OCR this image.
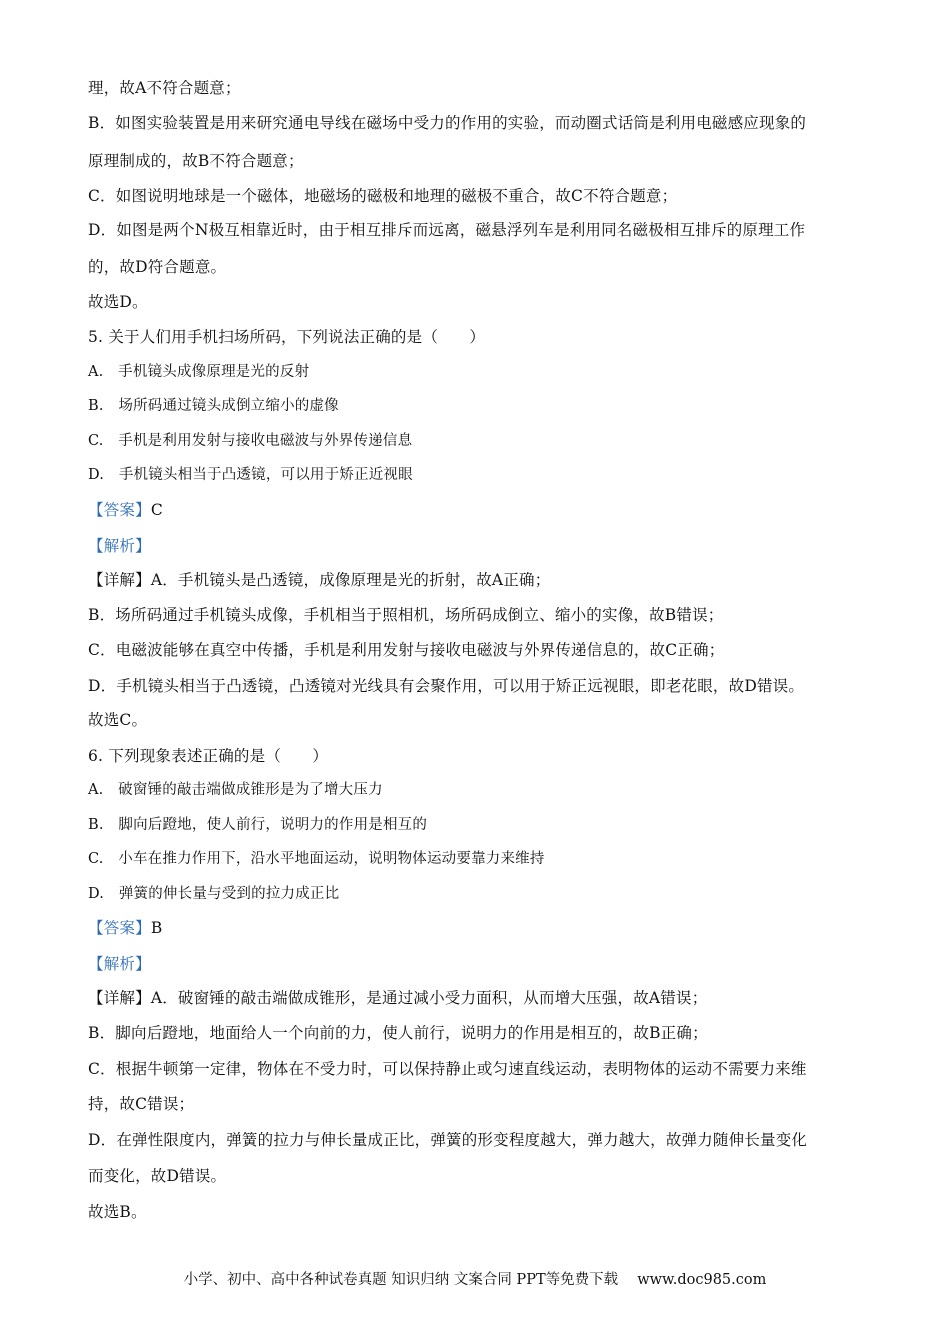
理，故A不符合题意；
B．如图实验装置是用来研究通电导线在磁场中受力的作用的实验，而动圈式话筒是利用电磁感应现象的
原理制成的，故B不符合题意；
C．如图说明地球是一个磁体，地磁场的磁极和地理的磁极不重合，故C不符合题意；
D．如图是两个N极互相靠近时，由于相互排斥而远离，磁悬浮列车是利用同名磁极相互排斥的原理工作
的，故D符合题意。
故选D。
5. 关于人们用手机扫场所码，下列说法正确的是（　　）
A.　手机镜头成像原理是光的反射
B.　场所码通过镜头成倒立缩小的虚像
C.　手机是利用发射与接收电磁波与外界传递信息
D.　手机镜头相当于凸透镜，可以用于矫正近视眼
【答案】C
【解析】
【详解】A．手机镜头是凸透镜，成像原理是光的折射，故A正确；
B．场所码通过手机镜头成像，手机相当于照相机，场所码成倒立、缩小的实像，故B错误；
C．电磁波能够在真空中传播，手机是利用发射与接收电磁波与外界传递信息的，故C正确；
D．手机镜头相当于凸透镜，凸透镜对光线具有会聚作用，可以用于矫正远视眼，即老花眼，故D错误。
故选C。
6. 下列现象表述正确的是（　　）
A.　破窗锤的敲击端做成锥形是为了增大压力
B.　脚向后蹬地，使人前行，说明力的作用是相互的
C.　小车在推力作用下，沿水平地面运动，说明物体运动要靠力来维持
D.　弹簧的伸长量与受到的拉力成正比
【答案】B
【解析】
【详解】A．破窗锤的敲击端做成锥形，是通过减小受力面积，从而增大压强，故A错误；
B．脚向后蹬地，地面给人一个向前的力，使人前行，说明力的作用是相互的，故B正确；
C．根据牛顿第一定律，物体在不受力时，可以保持静止或匀速直线运动，表明物体的运动不需要力来维
持，故C错误；
D．在弹性限度内，弹簧的拉力与伸长量成正比，弹簧的形变程度越大，弹力越大，故弹力随伸长量变化
而变化，故D错误。
故选B。
小学、初中、高中各种试卷真题 知识归纳 文案合同 PPT等免费下载　 www.doc985.com
